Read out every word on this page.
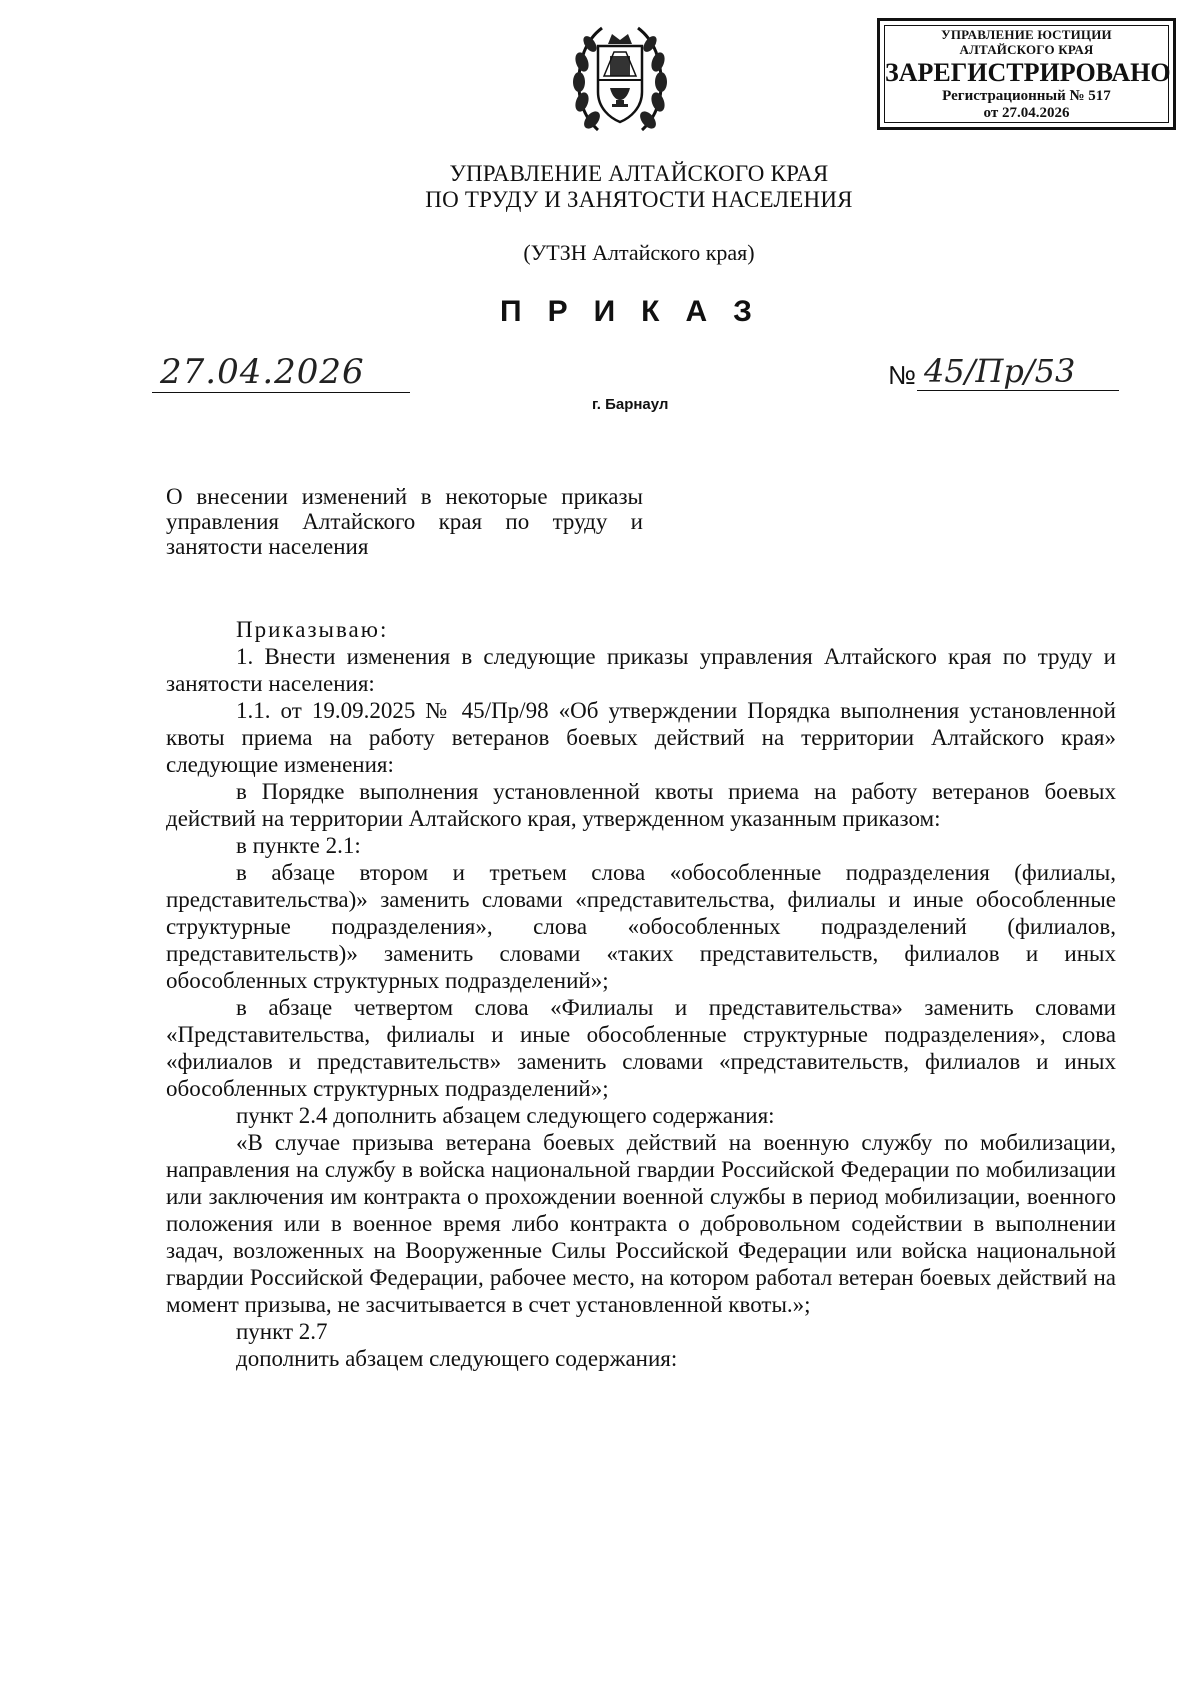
УПРАВЛЕНИЕ ЮСТИЦИИ
АЛТАЙСКОГО КРАЯ
ЗАРЕГИСТРИРОВАНО
Регистрационный № 517
от 27.04.2026
УПРАВЛЕНИЕ АЛТАЙСКОГО КРАЯ
ПО ТРУДУ И ЗАНЯТОСТИ НАСЕЛЕНИЯ
(УТЗН Алтайского края)
ПРИКАЗ
27.04.2026	№ 45/Пр/53
г. Барнаул
О внесении изменений в некоторые приказы управления Алтайского края по труду и занятости населения

Приказываю:

1. Внести изменения в следующие приказы управления Алтайского края по труду и занятости населения:

1.1. от 19.09.2025 № 45/Пр/98 «Об утверждении Порядка выполнения установленной квоты приема на работу ветеранов боевых действий на территории Алтайского края» следующие изменения:

в Порядке выполнения установленной квоты приема на работу ветеранов боевых действий на территории Алтайского края, утвержденном указанным приказом:

в пункте 2.1:

в абзаце втором и третьем слова «обособленные подразделения (филиалы, представительства)» заменить словами «представительства, филиалы и иные обособленные структурные подразделения», слова «обособленных подразделений (филиалов, представительств)» заменить словами «таких представительств, филиалов и иных обособленных структурных подразделений»;

в абзаце четвертом слова «Филиалы и представительства» заменить словами «Представительства, филиалы и иные обособленные структурные подразделения», слова «филиалов и представительств» заменить словами «представительств, филиалов и иных обособленных структурных подразделений»;

пункт 2.4 дополнить абзацем следующего содержания:

«В случае призыва ветерана боевых действий на военную службу по мобилизации, направления на службу в войска национальной гвардии Российской Федерации по мобилизации или заключения им контракта о прохождении военной службы в период мобилизации, военного положения или в военное время либо контракта о добровольном содействии в выполнении задач, возложенных на Вооруженные Силы Российской Федерации или войска национальной гвардии Российской Федерации, рабочее место, на котором работал ветеран боевых действий на момент призыва, не засчитывается в счет установленной квоты.»;

пункт 2.7

дополнить абзацем следующего содержания:
